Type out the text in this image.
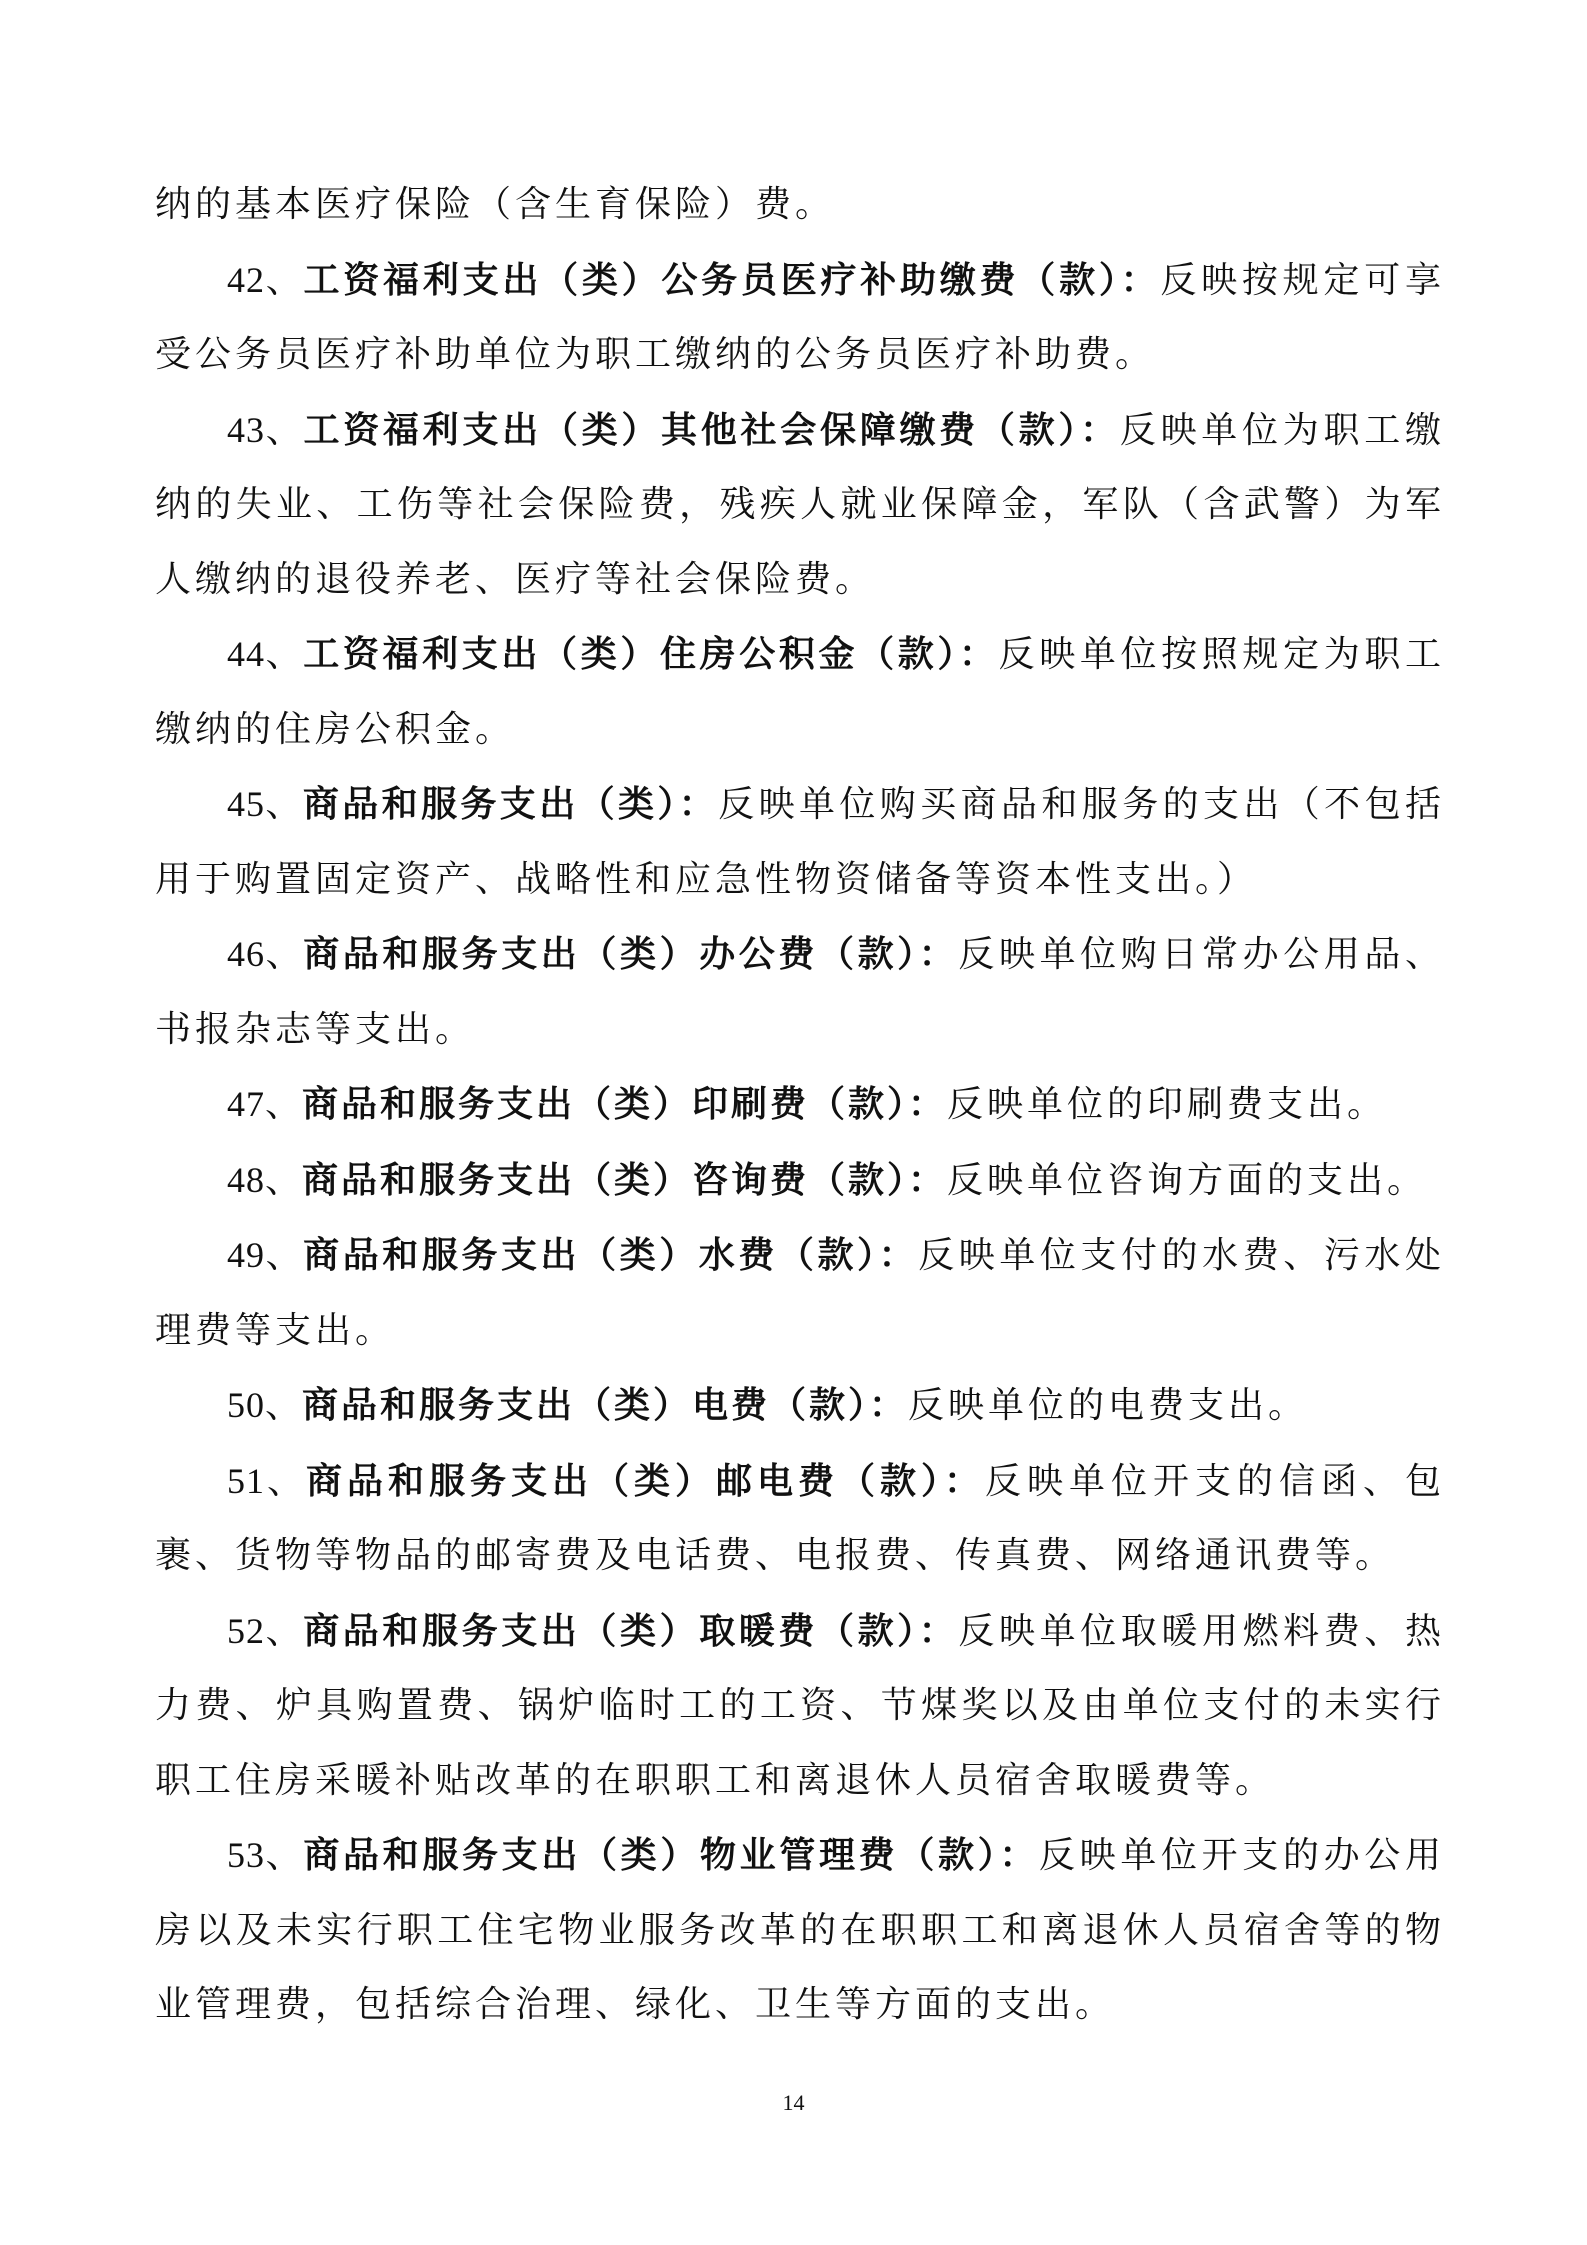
纳的基本医疗保险（含生育保险）费。

42、工资福利支出（类）公务员医疗补助缴费（款）：反映按规定可享受公务员医疗补助单位为职工缴纳的公务员医疗补助费。

43、工资福利支出（类）其他社会保障缴费（款）：反映单位为职工缴纳的失业、工伤等社会保险费，残疾人就业保障金，军队（含武警）为军人缴纳的退役养老、医疗等社会保险费。

44、工资福利支出（类）住房公积金（款）：反映单位按照规定为职工缴纳的住房公积金。

45、商品和服务支出（类）：反映单位购买商品和服务的支出（不包括用于购置固定资产、战略性和应急性物资储备等资本性支出。）

46、商品和服务支出（类）办公费（款）：反映单位购日常办公用品、书报杂志等支出。

47、商品和服务支出（类）印刷费（款）：反映单位的印刷费支出。

48、商品和服务支出（类）咨询费（款）：反映单位咨询方面的支出。

49、商品和服务支出（类）水费（款）：反映单位支付的水费、污水处理费等支出。

50、商品和服务支出（类）电费（款）：反映单位的电费支出。

51、商品和服务支出（类）邮电费（款）：反映单位开支的信函、包裹、货物等物品的邮寄费及电话费、电报费、传真费、网络通讯费等。

52、商品和服务支出（类）取暖费（款）：反映单位取暖用燃料费、热力费、炉具购置费、锅炉临时工的工资、节煤奖以及由单位支付的未实行职工住房采暖补贴改革的在职职工和离退休人员宿舍取暖费等。

53、商品和服务支出（类）物业管理费（款）：反映单位开支的办公用房以及未实行职工住宅物业服务改革的在职职工和离退休人员宿舍等的物业管理费，包括综合治理、绿化、卫生等方面的支出。

14
